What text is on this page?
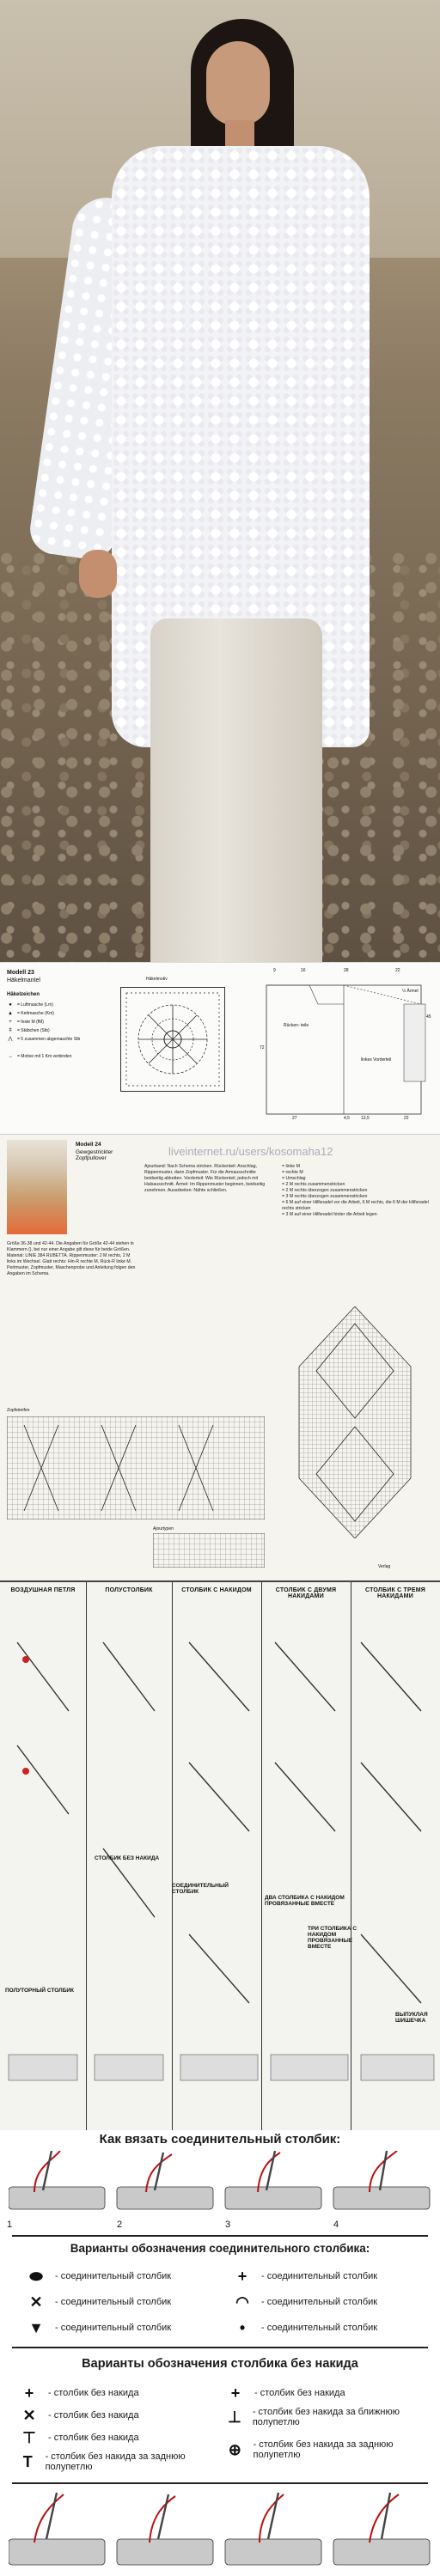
Modell 23
Häkelmantel
Häkelzeichen
●	= Luftmasche (Lm)
▲ = Kettmasche (Km)
+	= feste M (fM)
ǂ	= Stäbchen (Stb)
⋀	= 5 zusammen abgemaschte Stb
→ = Motive mit 1 Km verbinden
Häkelmotiv
9	16	28	22
72
45
27	4,5	13,5	22
Rücken- teile
linkes Vorderteil
½ Ärmel
Modell 24
Gewgestrickter Zopfpullover
liveinternet.ru/users/kosomaha12
Größe 36-38 und 42-44. Die Angaben für Größe 42-44 stehen in Klammern (), bei nur einer Angabe gilt diese für beide Größen. Material: LINIE 384 RUBETTA. Rippenmuster: 2 M rechts, 2 M links im Wechsel. Glatt rechts: Hin-R rechte M, Rück-R linke M. Perlmuster, Zopfmuster, Maschenprobe und Anleitung folgen den Angaben im Schema.
Ajourband: Nach Schema stricken. Rückenteil: Anschlag, Rippenmuster, dann Zopfmuster. Für die Armausschnitte beidseitig abketten. Vorderteil: Wie Rückenteil, jedoch mit Halsausschnitt. Ärmel: Im Rippenmuster beginnen, beidseitig zunehmen. Ausarbeiten: Nähte schließen.
= linke M
= rechte M
= Umschlag
= 2 M rechts zusammenstricken
= 2 M rechts überzogen zusammenstricken
= 3 M rechts überzogen zusammenstricken
= 6 M auf einer Hilfsnadel vor die Arbeit, 6 M rechts, die 6 M der Hilfsnadel rechts stricken
= 3 M auf einer Hilfsnadel hinter die Arbeit legen
Zopfstreifen
Ajourtypen
Verlag
ВОЗДУШНАЯ ПЕТЛЯ	ПОЛУСТОЛБИК	СТОЛБИК С НАКИДОМ	СТОЛБИК С ДВУМЯ НАКИДАМИ
СТОЛБИК С ТРЕМЯ НАКИДАМИ
СТОЛБИК БЕЗ НАКИДА
СОЕДИНИТЕЛЬНЫЙ СТОЛБИК
ДВА СТОЛБИКА С НАКИДОМ ПРОВЯЗАННЫЕ ВМЕСТЕ
ТРИ СТОЛБИКА С НАКИДОМ ПРОВЯЗАННЫЕ ВМЕСТЕ
ВЫПУКЛАЯ ШИШЕЧКА
ПОЛУТОРНЫЙ СТОЛБИК
Как вязать соединительный столбик:
1	2	3	4
Варианты обозначения соединительного столбика:
⬬	- соединительный столбик
✕	- соединительный столбик
▼ - соединительный столбик
+	- соединительный столбик
◠	- соединительный столбик
•	- соединительный столбик
Варианты обозначения столбика без накида
+	- столбик без накида
✕	- столбик без накида
⊤	- столбик без накида
T	- столбик без накида за заднюю полупетлю
+	- столбик без накида
⊥ - столбик без накида за ближнюю полупетлю
⊕	- столбик без накида за заднюю полупетлю
